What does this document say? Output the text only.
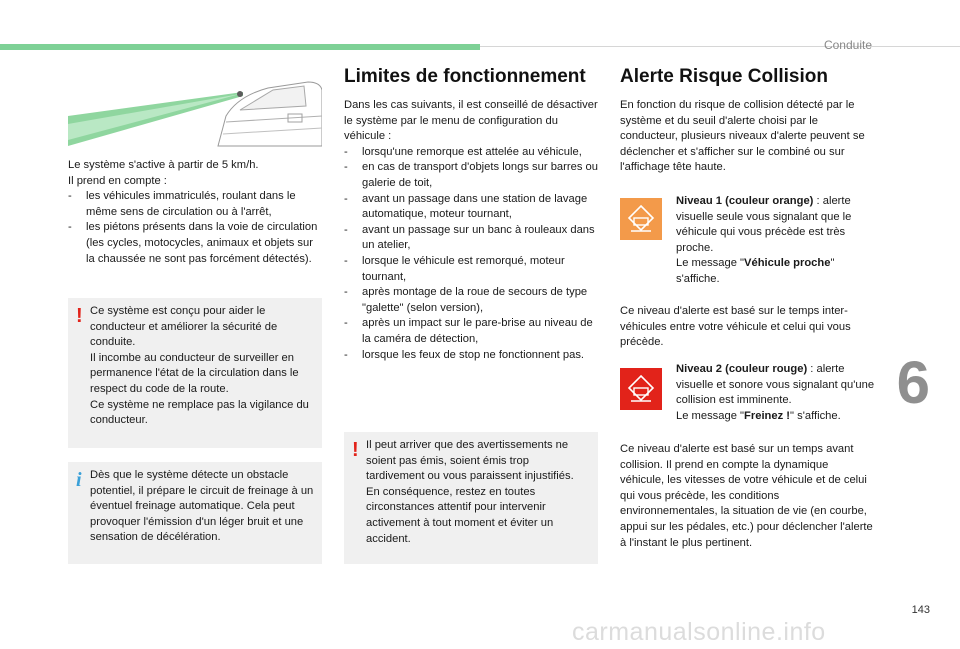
Conduite

Le système s'active à partir de 5 km/h.

Il prend en compte :

- les véhicules immatriculés, roulant dans le même sens de circulation ou à l'arrêt,
- les piétons présents dans la voie de circulation (les cycles, motocycles, animaux et objets sur la chaussée ne sont pas forcément détectés).
! Ce système est conçu pour aider le conducteur et améliorer la sécurité de conduite.

Il incombe au conducteur de surveiller en permanence l'état de la circulation dans le respect du code de la route.

Ce système ne remplace pas la vigilance du conducteur.

i Dès que le système détecte un obstacle potentiel, il prépare le circuit de freinage à un éventuel freinage automatique. Cela peut provoquer l'émission d'un léger bruit et une sensation de décélération.

Limites de fonctionnement

Dans les cas suivants, il est conseillé de désactiver le système par le menu de configuration du véhicule :

- lorsqu'une remorque est attelée au véhicule,
- en cas de transport d'objets longs sur barres ou galerie de toit,
- avant un passage dans une station de lavage automatique, moteur tournant,
- avant un passage sur un banc à rouleaux dans un atelier,
- lorsque le véhicule est remorqué, moteur tournant,
- après montage de la roue de secours de type "galette" (selon version),
- après un impact sur le pare-brise au niveau de la caméra de détection,
- lorsque les feux de stop ne fonctionnent pas.
! Il peut arriver que des avertissements ne soient pas émis, soient émis trop tardivement ou vous paraissent injustifiés. En conséquence, restez en toutes circonstances attentif pour intervenir activement à tout moment et éviter un accident.

Alerte Risque Collision

En fonction du risque de collision détecté par le système et du seuil d'alerte choisi par le conducteur, plusieurs niveaux d'alerte peuvent se déclencher et s'afficher sur le combiné ou sur l'affichage tête haute.

Niveau 1 (couleur orange) : alerte visuelle seule vous signalant que le véhicule qui vous précède est très proche.
Le message "Véhicule proche" s'affiche.

Ce niveau d'alerte est basé sur le temps inter-véhicules entre votre véhicule et celui qui vous précède.

Niveau 2 (couleur rouge) : alerte visuelle et sonore vous signalant qu'une collision est imminente.
Le message "Freinez !" s'affiche.

Ce niveau d'alerte est basé sur un temps avant collision. Il prend en compte la dynamique véhicule, les vitesses de votre véhicule et de celui qui vous précède, les conditions environnementales, la situation de vie (en courbe, appui sur les pédales, etc.) pour déclencher l'alerte à l'instant le plus pertinent.

6
143
carmanualsonline.info
